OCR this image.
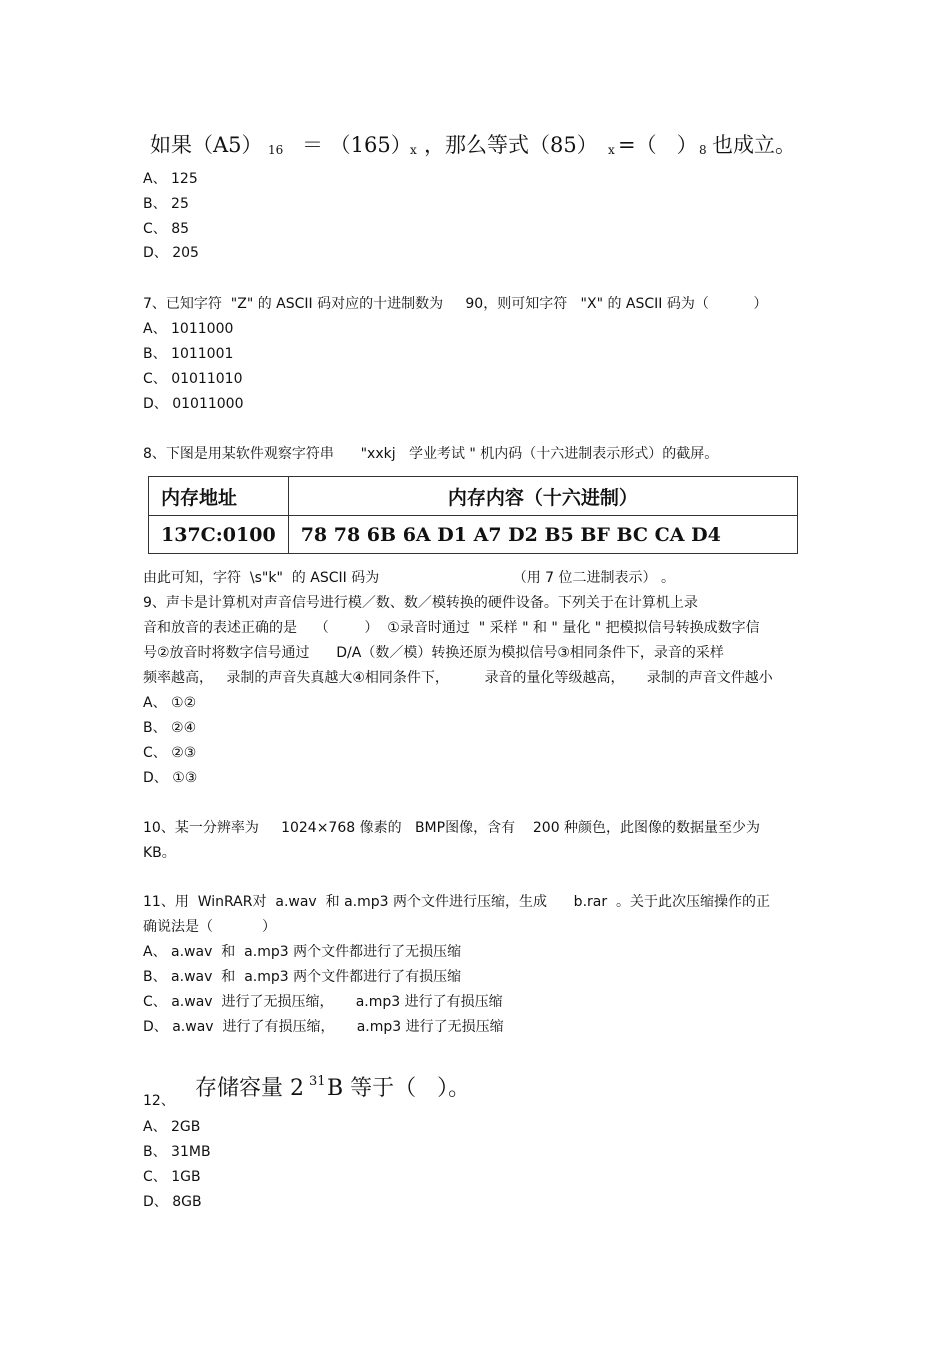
如果（A5） 16 ＝ （165）
x ，那么等式（85） x =（   ） 8 也成立。
A、 125
B、 25
C、 85
D、 205
7、已知字符  "Z" 的 ASCII 码对应的十进制数为     90，则可知字符   "X" 的 ASCII 码为（          ）
A、 1011000
B、 1011001
C、 01011010
D、 01011000
8、下图是用某软件观察字符串      "xxkj   学业考试 " 机内码（十六进制表示形式）的截屏。
内存地址	内存内容（十六进制）
137C:0100	78 78 6B 6A D1 A7 D2 B5 BF BC CA D4
由此可知，字符  \s"k"  的 ASCII 码为                              （用 7 位二进制表示） 。
9、声卡是计算机对声音信号进行模／数、数／模转换的硬件设备。下列关于在计算机上录
音和放音的表述正确的是    （        ）  ①录音时通过  " 采样 " 和 " 量化 " 把模拟信号转换成数字信
号②放音时将数字信号通过      D/A（数／模）转换还原为模拟信号③相同条件下，录音的采样
频率越高，   录制的声音失真越大④相同条件下，        录音的量化等级越高，     录制的声音文件越小
A、 ①②
B、 ②④
C、 ②③
D、 ①③
10、某一分辨率为     1024×768 像素的   BMP图像，含有    200 种颜色，此图像的数据量至少为
KB。
11、用  WinRAR对  a.wav  和 a.mp3 两个文件进行压缩，生成      b.rar  。关于此次压缩操作的正
确说法是（           ）
A、 a.wav  和  a.mp3 两个文件都进行了无损压缩
B、 a.wav  和  a.mp3 两个文件都进行了有损压缩
C、 a.wav  进行了无损压缩，     a.mp3 进行了有损压缩
D、 a.wav  进行了有损压缩，     a.mp3 进行了无损压缩
12、 存储容量 2 31 B 等于（   ）。
A、 2GB
B、 31MB
C、 1GB
D、 8GB
